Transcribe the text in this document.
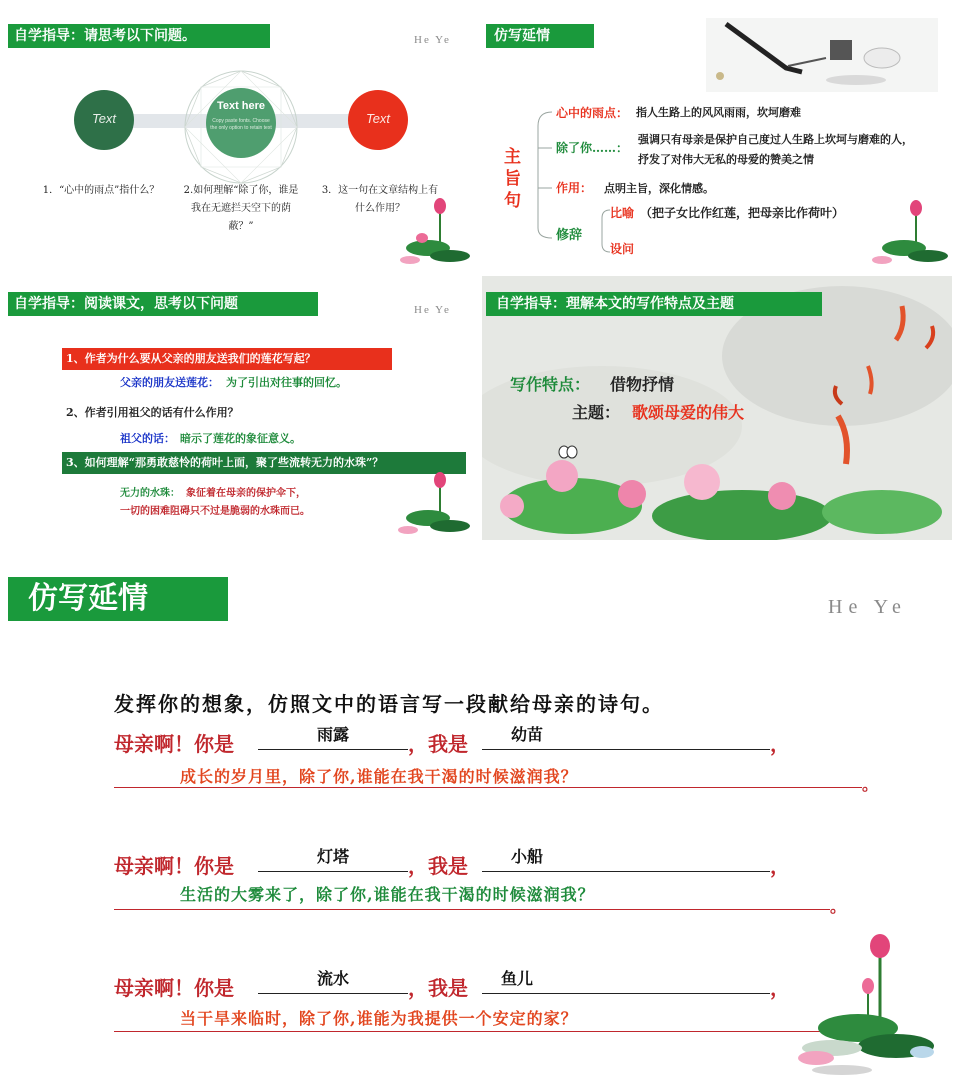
自学指导：请思考以下问题。	He Ye
Text
Text here
Copy paste fonts. Choose the only option to retain text
Text
1．“心中的雨点”指什么？	2.如何理解“除了你，谁是我在无遮拦天空下的荫蔽？”
3．这一句在文章结构上有什么作用？
仿写延情
主旨句
心中的雨点： 指人生路上的风风雨雨，坎坷磨难
除了你……：
强调只有母亲是保护自己度过人生路上坎坷与磨难的人，抒发了对伟大无私的母爱的赞美之情
作用： 点明主旨，深化情感。
修辞
比喻 （把子女比作红莲，把母亲比作荷叶）
设问
自学指导：阅读课文，思考以下问题	He Ye
1、作者为什么要从父亲的朋友送我们的莲花写起？
父亲的朋友送莲花： 为了引出对往事的回忆。
2、作者引用祖父的话有什么作用？
祖父的话： 暗示了莲花的象征意义。
3、如何理解“那勇敢慈怜的荷叶上面，聚了些流转无力的水珠”？
无力的水珠： 象征着在母亲的保护伞下，
一切的困难阻碍只不过是脆弱的水珠而已。
自学指导：理解本文的写作特点及主题
写作特点： 借物抒情
主题： 歌颂母爱的伟大
仿写延情	He Ye
发挥你的想象，仿照文中的语言写一段献给母亲的诗句。
母亲啊！你是	雨露	，我是	幼苗	，
成长的岁月里，除了你,谁能在我干渴的时候滋润我？	。
母亲啊！你是	灯塔	，我是	小船	，
生活的大雾来了，除了你,谁能在我干渴的时候滋润我？
。
母亲啊！你是	流水	，我是	鱼儿	，
当干旱来临时，除了你,谁能为我提供一个安定的家？
